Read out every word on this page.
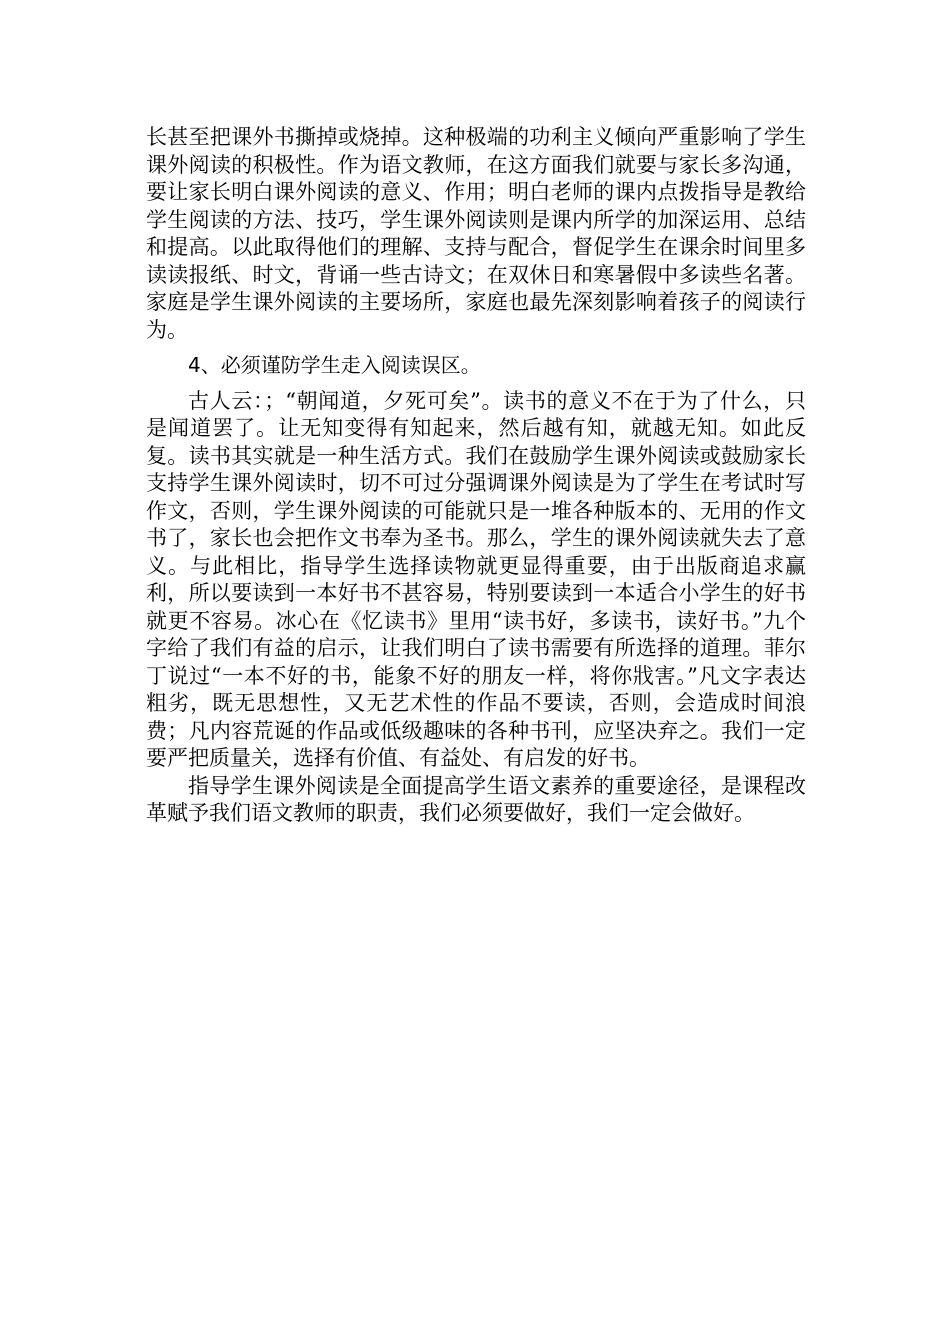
长甚至把课外书撕掉或烧掉。这种极端的功利主义倾向严重影响了学生课外阅读的积极性。作为语文教师，在这方面我们就要与家长多沟通，要让家长明白课外阅读的意义、作用；明白老师的课内点拨指导是教给学生阅读的方法、技巧，学生课外阅读则是课内所学的加深运用、总结和提高。以此取得他们的理解、支持与配合，督促学生在课余时间里多读读报纸、时文，背诵一些古诗文；在双休日和寒暑假中多读些名著。家庭是学生课外阅读的主要场所，家庭也最先深刻影响着孩子的阅读行为。

4、必须谨防学生走入阅读误区。

古人云：；“朝闻道，夕死可矣”。读书的意义不在于为了什么，只是闻道罢了。让无知变得有知起来，然后越有知，就越无知。如此反复。读书其实就是一种生活方式。我们在鼓励学生课外阅读或鼓励家长支持学生课外阅读时，切不可过分强调课外阅读是为了学生在考试时写作文，否则，学生课外阅读的可能就只是一堆各种版本的、无用的作文书了，家长也会把作文书奉为圣书。那么，学生的课外阅读就失去了意义。与此相比，指导学生选择读物就更显得重要，由于出版商追求赢利，所以要读到一本好书不甚容易，特别要读到一本适合小学生的好书就更不容易。冰心在《忆读书》里用“读书好，多读书，读好书。”九个字给了我们有益的启示，让我们明白了读书需要有所选择的道理。菲尔丁说过“一本不好的书，能象不好的朋友一样，将你戕害。”凡文字表达粗劣，既无思想性，又无艺术性的作品不要读，否则，会造成时间浪费；凡内容荒诞的作品或低级趣味的各种书刊，应坚决弃之。我们一定要严把质量关，选择有价值、有益处、有启发的好书。

指导学生课外阅读是全面提高学生语文素养的重要途径，是课程改革赋予我们语文教师的职责，我们必须要做好，我们一定会做好。
